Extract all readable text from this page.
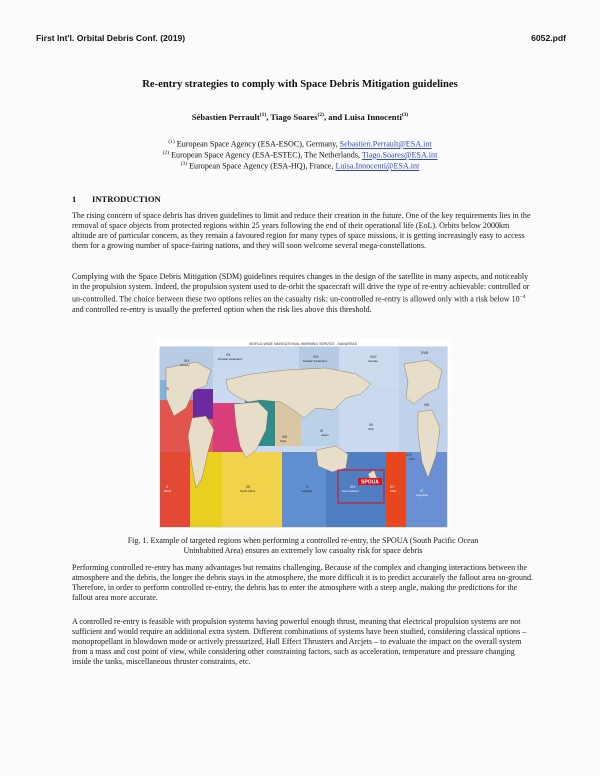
First Int'l. Orbital Debris Conf. (2019)	6052.pdf
Re-entry strategies to comply with Space Debris Mitigation guidelines
Sébastien Perrault$^{(1)}$, Tiago Soares$^{(2)}$, and Luisa Innocenti$^{(3)}$
$^{(1)}$ European Space Agency (ESA-ESOC), Germany, Sebastien.Perrault@ESA.int
$^{(2)}$ European Space Agency (ESA-ESTEC), The Netherlands, Tiago.Soares@ESA.int
$^{(3)}$ European Space Agency (ESA-HQ), France, Luisa.Innocenti@ESA.int
1 INTRODUCTION
The rising concern of space debris has driven guidelines to limit and reduce their creation in the future. One of the key requirements lies in the removal of space objects from protected regions within 25 years following the end of their operational life (EoL). Orbits below 2000km altitude are of particular concern, as they remain a favoured region for many types of space missions, it is getting increasingly easy to access them for a growing number of space-fairing nations, and they will soon welcome several mega-constellations.
Complying with the Space Debris Mitigation (SDM) guidelines requires changes in the design of the satellite in many aspects, and noticeably in the propulsion system. Indeed, the propulsion system used to de-orbit the spacecraft will drive the type of re-entry achievable: controlled or un-controlled. The choice between these two options relies on the casualty risk: un-controlled re-entry is allowed only with a risk below $10^{-4}$ and controlled re-entry is usually the preferred option when the risk lies above this threshold.
WORLD-WIDE NAVIGATIONAL WARNING SERVICE - NAVAREAS
XIX
Norway
XX
Russian Federation	XXI
Russian Federation
XVII
Canada
XVIII
IV
XII
USA
XIII
XI
Japan
VIII
India
VII
South Africa
X
Australia
XIV
New Zealand
XV
Chile
XVI
Peru
VI
Argentina
V
Brazil
SPOUA
Fig. 1. Example of targeted regions when performing a controlled re-entry, the SPOUA (South Pacific Ocean
Uninhabited Area) ensures an extremely low casualty risk for space debris
Performing controlled re-entry has many advantages but remains challenging. Because of the complex and changing interactions between the atmosphere and the debris, the longer the debris stays in the atmosphere, the more difficult it is to predict accurately the fallout area on-ground. Therefore, in order to perform controlled re-entry, the debris has to enter the atmosphere with a steep angle, making the predictions for the fallout area more accurate.
A controlled re-entry is feasible with propulsion systems having powerful enough thrust, meaning that electrical propulsion systems are not sufficient and would require an additional extra system. Different combinations of systems have been studied, considering classical options – monopropellant in blowdown mode or actively pressurized, Hall Effect Thrusters and Arcjets – to evaluate the impact on the overall system from a mass and cost point of view, while considering other constraining factors, such as acceleration, temperature and pressure changing inside the tanks, miscellaneous thruster constraints, etc.
